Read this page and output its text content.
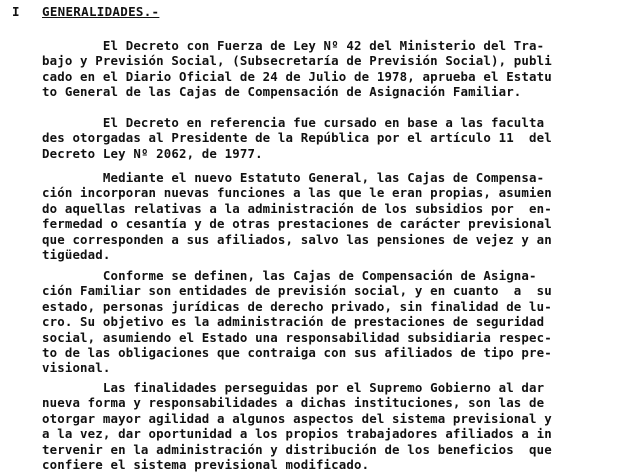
I GENERALIDADES.-
El Decreto con Fuerza de Ley Nº 42 del Ministerio del Tra-
bajo y Previsión Social, (Subsecretaría de Previsión Social), publi
cado en el Diario Oficial de 24 de Julio de 1978, aprueba el Estatu
to General de las Cajas de Compensación de Asignación Familiar.
El Decreto en referencia fue cursado en base a las faculta
des otorgadas al Presidente de la República por el artículo 11  del
Decreto Ley Nº 2062, de 1977.
Mediante el nuevo Estatuto General, las Cajas de Compensa-
ción incorporan nuevas funciones a las que le eran propias, asumien
do aquellas relativas a la administración de los subsidios por  en-
fermedad o cesantía y de otras prestaciones de carácter previsional
que corresponden a sus afiliados, salvo las pensiones de vejez y an
tigüedad.
Conforme se definen, las Cajas de Compensación de Asigna-
ción Familiar son entidades de previsión social, y en cuanto  a  su
estado, personas jurídicas de derecho privado, sin finalidad de lu-
cro. Su objetivo es la administración de prestaciones de seguridad
social, asumiendo el Estado una responsabilidad subsidiaria respec-
to de las obligaciones que contraiga con sus afiliados de tipo pre-
visional.
Las finalidades perseguidas por el Supremo Gobierno al dar
nueva forma y responsabilidades a dichas instituciones, son las de
otorgar mayor agilidad a algunos aspectos del sistema previsional y
a la vez, dar oportunidad a los propios trabajadores afiliados a in
tervenir en la administración y distribución de los beneficios  que
confiere el sistema previsional modificado.
